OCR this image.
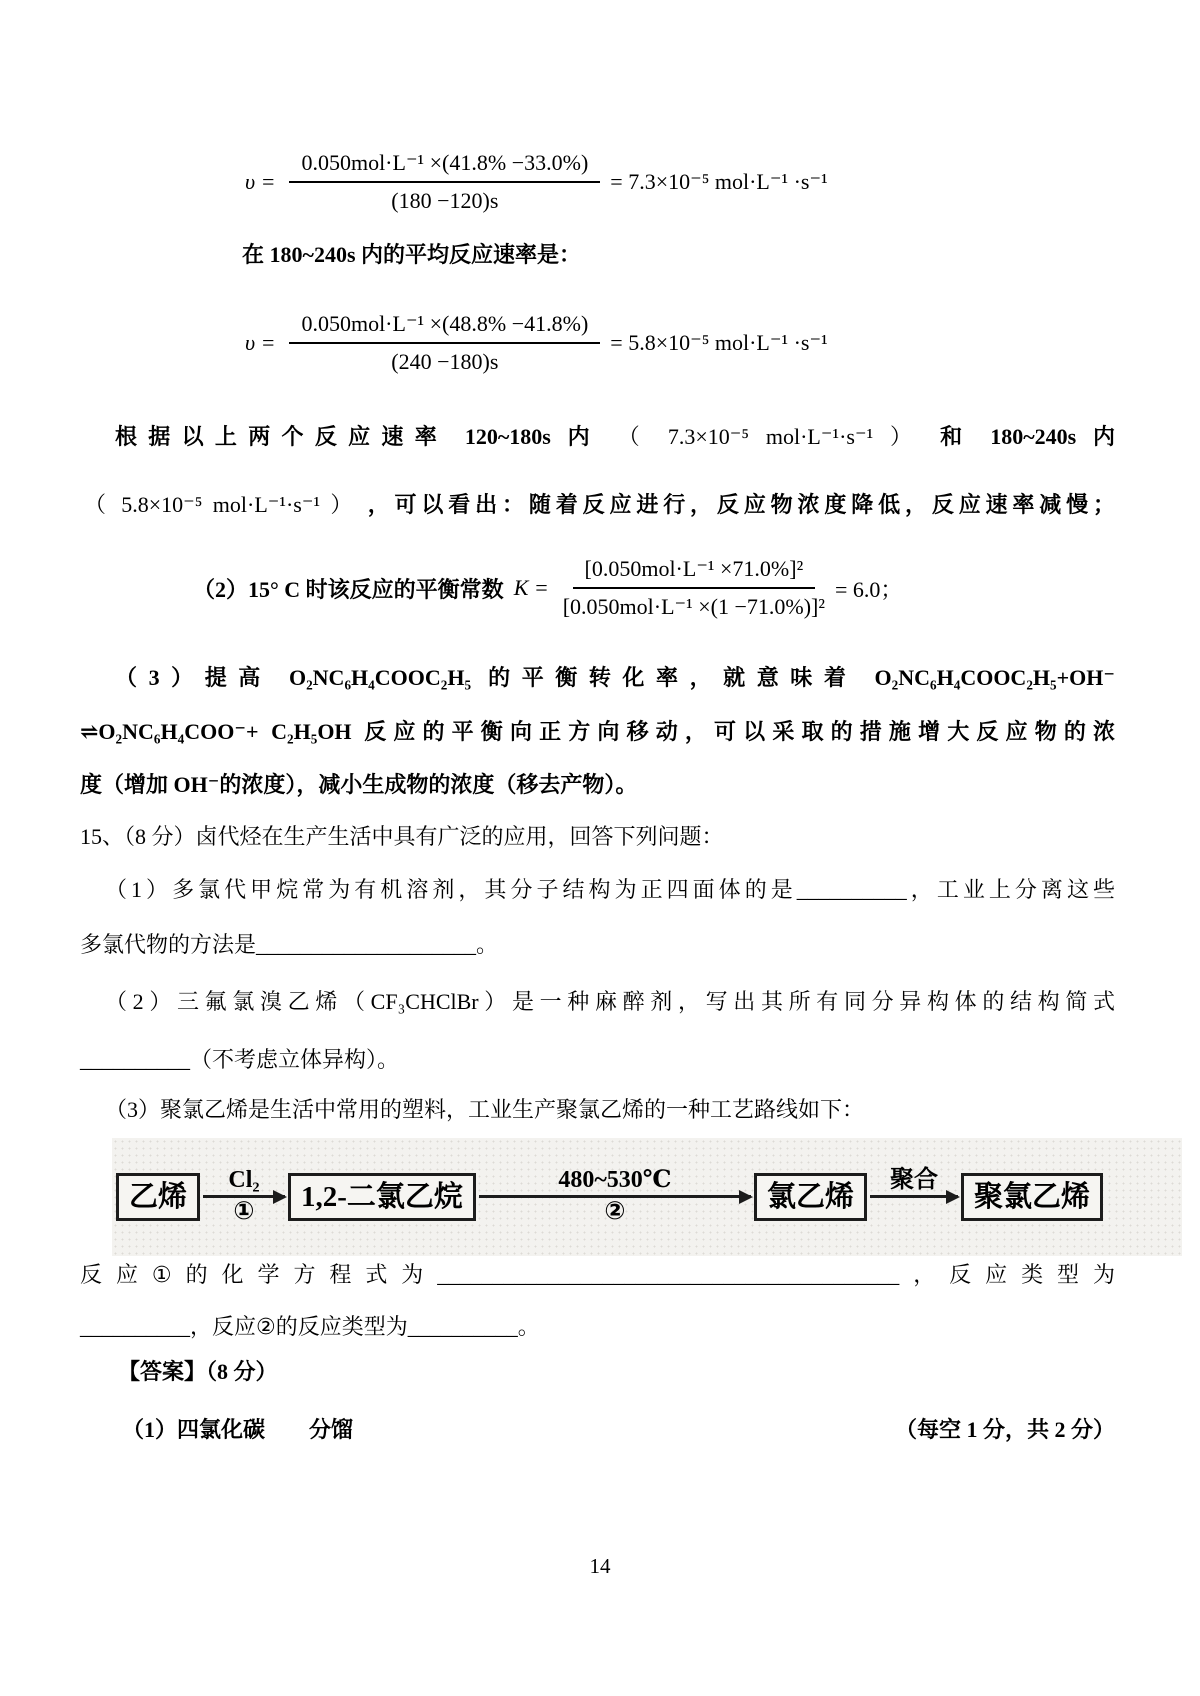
$\upsilon = \frac{\text{0.050mol·L⁻¹ ×(41.8\% −33.0\%)}}{(180 -120)s} = 7.3\times 10^{-5}$ mol·L⁻¹ ·s⁻¹
在 180~240s 内的平均反应速率是：
$\upsilon = \frac{\text{0.050mol·L⁻¹ ×(48.8\% −41.8\%)}}{(240 -180)s} = 5.8\times 10^{-5}$ mol·L⁻¹ ·s⁻¹
根据以上两个反应速率 120~180s 内 （ 7.3×10⁻⁵ mol·L⁻¹·s⁻¹ ） 和 180~240s 内
（ 5.8×10⁻⁵ mol·L⁻¹·s⁻¹ ） ，可以看出：随着反应进行，反应物浓度降低，反应速率减慢；
（2）15° C 时该反应的平衡常数 $K = \frac{\text{[0.050mol·L⁻¹ ×71.0\%]²}}{\text{[0.050mol·L⁻¹ ×(1 −71.0\%)]²}} = 6.0$；
（3）提高 O₂NC₆H₄COOC₂H₅ 的平衡转化率，就意味着 O₂NC₆H₄COOC₂H₅+OH⁻
⇌O₂NC₆H₄COO⁻+ C₂H₅OH 反应的平衡向正方向移动，可以采取的措施增大反应物的浓
度（增加 OH⁻的浓度），减小生成物的浓度（移去产物）。
15、（8 分）卤代烃在生产生活中具有广泛的应用，回答下列问题：
（1）多氯代甲烷常为有机溶剂，其分子结构为正四面体的是__________，工业上分离这些
多氯代物的方法是____________________。
（2）三氟氯溴乙烯（CF₃CHClBr）是一种麻醉剂，写出其所有同分异构体的结构简式
__________（不考虑立体异构）。
（3）聚氯乙烯是生活中常用的塑料，工业生产聚氯乙烯的一种工艺路线如下：
乙烯
Cl₂
①	1,2-二氯乙烷
480~530℃
②	氯乙烯
聚合
聚氯乙烯
反应①的化学方程式为__________________________________________，反应类型为
__________，反应②的反应类型为__________。
【答案】（8 分）
（1）四氯化碳　　分馏	（每空 1 分，共 2 分）
14
